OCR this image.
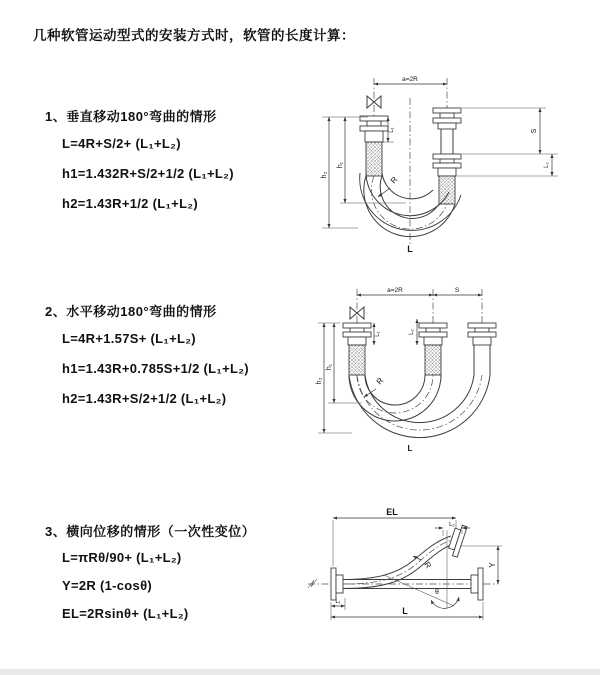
几种软管运动型式的安装方式时，软管的长度计算：
1、垂直移动180°弯曲的情形
L=4R+S/2+ (L₁+L₂)
h1=1.432R+S/2+1/2 (L₁+L₂)
h2=1.43R+1/2 (L₁+L₂)
2、水平移动180°弯曲的情形
L=4R+1.57S+ (L₁+L₂)
h1=1.43R+0.785S+1/2 (L₁+L₂)
h2=1.43R+S/2+1/2 (L₁+L₂)
3、横向位移的情形（一次性变位）
L=πRθ/90+ (L₁+L₂)
Y=2R (1-cosθ)
EL=2Rsinθ+ (L₁+L₂)
a=2R
h₂
h₁
L₁	S
L₂
R
L
a=2R	S
h₂
h₁
L₁	L₂
R
L
EL
L₂
Y
R
θ
L₁
L
